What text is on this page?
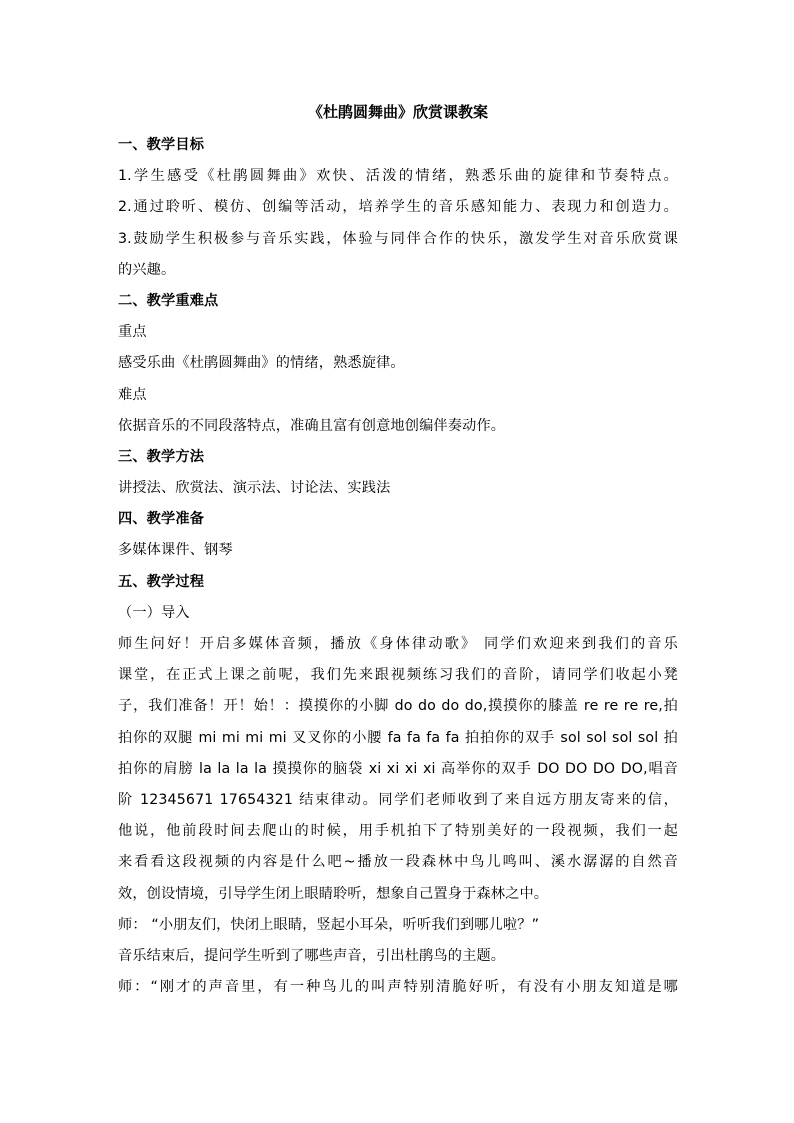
《杜鹃圆舞曲》欣赏课教案
一、教学目标
1.学生感受《杜鹃圆舞曲》欢快、活泼的情绪，熟悉乐曲的旋律和节奏特点。
2.通过聆听、模仿、创编等活动，培养学生的音乐感知能力、表现力和创造力。
3.鼓励学生积极参与音乐实践，体验与同伴合作的快乐，激发学生对音乐欣赏课
的兴趣。
二、教学重难点
重点
感受乐曲《杜鹃圆舞曲》的情绪，熟悉旋律。
难点
依据音乐的不同段落特点，准确且富有创意地创编伴奏动作。
三、教学方法
讲授法、欣赏法、演示法、讨论法、实践法
四、教学准备
多媒体课件、钢琴
五、教学过程
（一）导入
师生问好！开启多媒体音频，播放《身体律动歌》 同学们欢迎来到我们的音乐
课堂，在正式上课之前呢，我们先来跟视频练习我们的音阶，请同学们收起小凳
子，我们准备！开！始！：摸摸你的小脚 do do do do,摸摸你的膝盖 re re re re,拍
拍你的双腿 mi mi mi mi 叉叉你的小腰 fa fa fa fa 拍拍你的双手 sol sol sol sol 拍
拍你的肩膀 la la la la 摸摸你的脑袋 xi xi xi xi 高举你的双手 DO DO DO DO,唱音
阶 12345671 17654321 结束律动。同学们老师收到了来自远方朋友寄来的信，
他说，他前段时间去爬山的时候，用手机拍下了特别美好的一段视频，我们一起
来看看这段视频的内容是什么吧~播放一段森林中鸟儿鸣叫、溪水潺潺的自然音
效，创设情境，引导学生闭上眼睛聆听，想象自己置身于森林之中。
师： “小朋友们，快闭上眼睛，竖起小耳朵，听听我们到哪儿啦？”
音乐结束后，提问学生听到了哪些声音，引出杜鹃鸟的主题。
师：“刚才的声音里，有一种鸟儿的叫声特别清脆好听，有没有小朋友知道是哪
